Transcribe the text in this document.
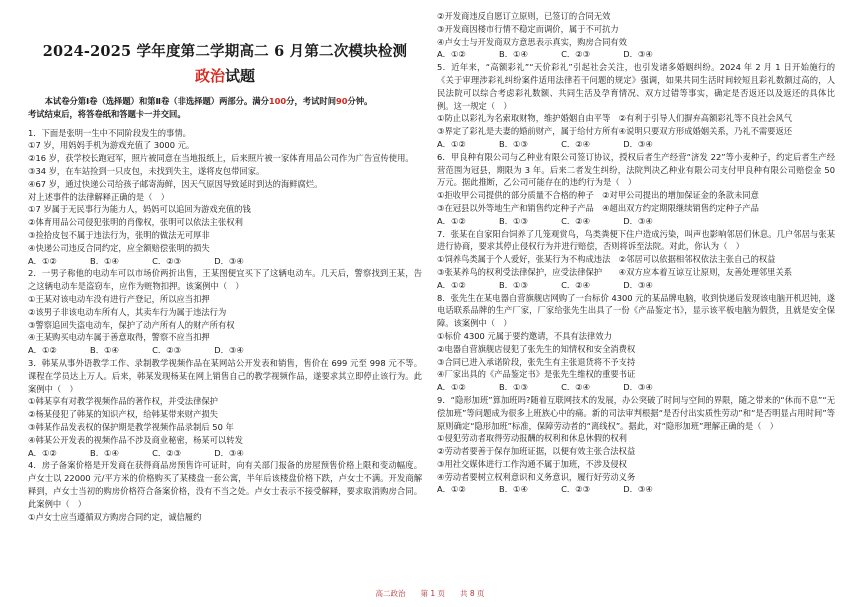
2024-2025 学年度第二学期高二 6 月第二次模块检测
政治试题

本试卷分第Ⅰ卷（选择题）和第Ⅱ卷（非选择题）两部分。满分100分，考试时间90分钟。

考试结束后，将答卷纸和答题卡一并交回。

1．下面是张明一生中不同阶段发生的事情。

①7 岁，用妈妈手机为游戏充值了 3000 元。

②16 岁，获学校长跑冠军，照片被同意在当地报纸上，后来照片被一家体育用品公司作为广告宣传使用。

③34 岁，在车站捡到一只皮包，未找到失主，遂将皮包带回家。

④67 岁，通过快递公司给孩子邮寄海鲜，因天气原因导致延时到达的海鲜腐烂。

对上述事件的法律解释正确的是（　）

①7 岁属于无民事行为能力人，妈妈可以追回为游戏充值的钱

②体育用品公司侵犯张明的肖像权，张明可以依法主张权利

③捡拾皮包不属于违法行为，张明的做法无可厚非

④快递公司违反合同约定，应全额赔偿张明的损失

A．①②　　　　B．①④　　　　C．②③　　　　D．③④

2．一男子称他的电动车可以市场价两折出售，王某图便宜买下了这辆电动车。几天后，警察找到王某，告之这辆电动车是盗窃车，应作为赃物扣押。该案例中（　）

①王某对该电动车没有进行产登记，所以应当扣押

②该男子非该电动车所有人，其卖车行为属于违法行为

③警察追回失盗电动车，保护了动产所有人的财产所有权

④王某购买电动车属于善意取得，警察不应当扣押

A．①②　　　　B．①④　　　　C．②③　　　　D．③④

3．韩某从事外语教学工作、录制教学视频作品在某网站公开发表和销售，售价在 699 元至 998 元不等。课程在学员达上万人。后来，韩某发现杨某在网上销售自己的教学视频作品，遂要求其立即停止该行为。此案例中（　）

①韩某享有对教学视频作品的著作权，并受法律保护

②杨某侵犯了韩某的知识产权，给韩某带来财产损失

③韩某作品发表权的保护期是教学视频作品录制后 50 年

④韩某公开发表的视频作品不涉及商业秘密，杨某可以转发

A．①②　　　　B．①④　　　　C．②③　　　　D．③④

4．房子备案价格是开发商在获得商品房预售许可证时，向有关部门报备的房屋预售价格上限和变动幅度。卢女士以 22000 元/平方米的价格购买了某楼盘一套公寓，半年后该楼盘价格下跌，卢女士不满。开发商解释到，卢女士当初的购房价格符合备案价格，没有不当之处。卢女士表示不接受解释，要求取消购房合同。此案例中（　）

①卢女士应当遵循双方购房合同约定，诚信履约

②开发商违反自愿订立原则，已签订的合同无效

③开发商因楼市行情不稳定而调价，属于不可抗力

④卢女士与开发商双方意思表示真实，购房合同有效

A．①②　　　　B．①④　　　　C．②③　　　　D．③④

5．近年来，“高额彩礼”“天价彩礼”引起社会关注，也引发诸多婚姻纠纷。2024 年 2 月 1 日开始施行的《关于审理涉彩礼纠纷案件适用法律若干问题的规定》强调，如果共同生活时间较短且彩礼数额过高的，人民法院可以综合考虑彩礼数额、共同生活及孕育情况、双方过错等事实，确定是否返还以及返还的具体比例。这一规定（　）

①防止以彩礼为名索取财物，维护婚姻自由平等　②有利于引导人们摒弃高额彩礼等不良社会风气

③界定了彩礼是夫妻的婚前财产，属于给付方所有④说明只要双方形成婚姻关系，乃礼不需要返还

A．①②　　　　B．①③　　　　C．②④　　　　D．③④

6．甲良种有限公司与乙种业有限公司签订协议，授权后者生产经营“济发 22”等小麦种子，约定后者生产经营范围为冠县，期限为 3 年。后来二者发生纠纷，法院判决乙种业有限公司支付甲良种有限公司赔偿金 50 万元。据此推断，乙公司可能存在的违约行为是（　）

①拒收甲公司提供的部分质量不合格的种子　②对甲公司提出的增加保证金的条款未同意

③在冠县以外等地生产和销售约定种子产品　④超出双方约定期限继续销售约定种子产品

A．①②　　　　B．①③　　　　C．②④　　　　D．③④

7．张某在自家阳台饲养了几笼观赏鸟，鸟类粪便下住户造成污染，叫声也影响邻居们休息。几户邻居与张某进行协商，要求其停止侵权行为并进行赔偿，否则将诉至法院。对此，你认为（　）

①饲养鸟类属于个人爱好，张某行为不构成违法　②邻居可以依据相邻权依法主张自己的权益

③张某养鸟的权利受法律保护，应受法律保护　　④双方应本着互谅互让原则，友善处理邻里关系

A．①②　　　　B．①③　　　　C．②④　　　　D．③④

8．张先生在某电器自营旗舰店网购了一台标价 4300 元的某品牌电脑，收到快递后发现该电脑开机迟钝，遂电话联系品牌的生产厂家，厂家给张先生出具了一份《产品鉴定书》，显示该平板电脑为假货，且就是安全保障。该案例中（　）

①标价 4300 元属于要约邀请，不具有法律效力

②电器自营旗舰店侵犯了张先生的知情权和安全消费权

③合同已进入承诺阶段，张先生有主张退货将不予支持

④厂家出具的《产品鉴定书》是张先生维权的重要书证

A．①②　　　　B．①③　　　　C．②④　　　　D．③④

9．“隐形加班”算加班吗?随着互联网技术的发展，办公突破了时间与空间的界限，随之带来的“休而不息”“无偿加班”等问题成为很多上班族心中的痛。新的司法审判根据“是否付出实质性劳动”和“是否明显占用时间”等原则确定“隐形加班”标准，保障劳动者的“离线权”。据此，对“隐形加班”理解正确的是（　）

①侵犯劳动者取得劳动报酬的权利和休息休假的权利

②劳动者要善于保存加班证据，以便有效主张合法权益

③用社交媒体进行工作沟通不属于加班，不涉及侵权

④劳动者要树立权利意识和义务意识，履行好劳动义务

A．①②　　　　B．①④　　　　C．②③　　　　D．③④

高二政治　　第 1 页　　共 8 页
